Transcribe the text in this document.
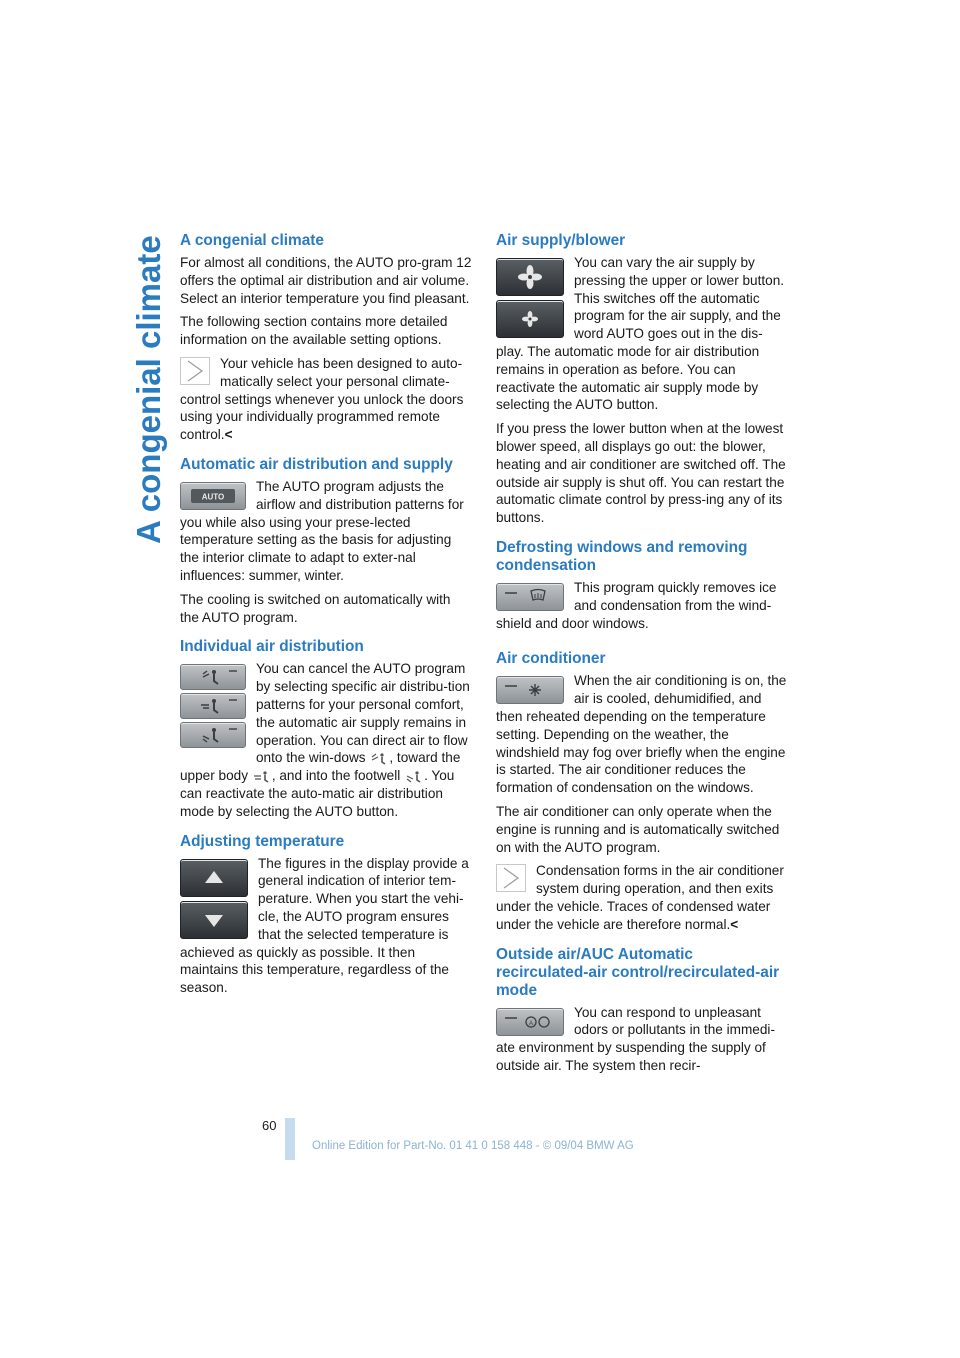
A congenial climate A congenial climate

For almost all conditions, the AUTO pro-gram 12 offers the optimal air distribution and air volume. Select an interior temperature you find pleasant.

The following section contains more detailed information on the available setting options.

Your vehicle has been designed to auto-matically select your personal climate-control settings whenever you unlock the doors using your individually programmed remote control.<

Automatic air distribution and supply
AUTO

The AUTO program adjusts the airflow and distribution patterns for you while also using your prese-lected temperature setting as the basis for adjusting the interior climate to adapt to exter-nal influences: summer, winter.

The cooling is switched on automatically with the AUTO program.

Individual air distribution

You can cancel the AUTO program by selecting specific air distribu-tion patterns for your personal comfort, the automatic air supply remains in operation. You can direct air to flow onto the win-dows , toward the upper body , and into the footwell . You can reactivate the auto-matic air distribution mode by selecting the AUTO button.

Adjusting temperature

The figures in the display provide a general indication of interior tem-perature. When you start the vehi-cle, the AUTO program ensures that the selected temperature is achieved as quickly as possible. It then maintains this temperature, regardless of the season.

Air supply/blower

You can vary the air supply by pressing the upper or lower button. This switches off the automatic program for the air supply, and the word AUTO goes out in the dis-play. The automatic mode for air distribution remains in operation as before. You can reactivate the automatic air supply mode by selecting the AUTO button.

If you press the lower button when at the lowest blower speed, all displays go out: the blower, heating and air conditioner are switched off. The outside air supply is shut off. You can restart the automatic climate control by press-ing any of its buttons.

Defrosting windows and removing condensation

This program quickly removes ice and condensation from the wind-shield and door windows.

Air conditioner

When the air conditioning is on, the air is cooled, dehumidified, and then reheated depending on the temperature setting. Depending on the weather, the windshield may fog over briefly when the engine is started. The air conditioner reduces the formation of condensation on the windows.

The air conditioner can only operate when the engine is running and is automatically switched on with the AUTO program.

Condensation forms in the air conditioner system during operation, and then exits under the vehicle. Traces of condensed water under the vehicle are therefore normal.<

Outside air/AUC Automatic recirculated-air control/recirculated-air mode
A

You can respond to unpleasant odors or pollutants in the immedi-ate environment by suspending the supply of outside air. The system then recir-

60
Online Edition for Part-No. 01 41 0 158 448 - © 09/04 BMW AG
